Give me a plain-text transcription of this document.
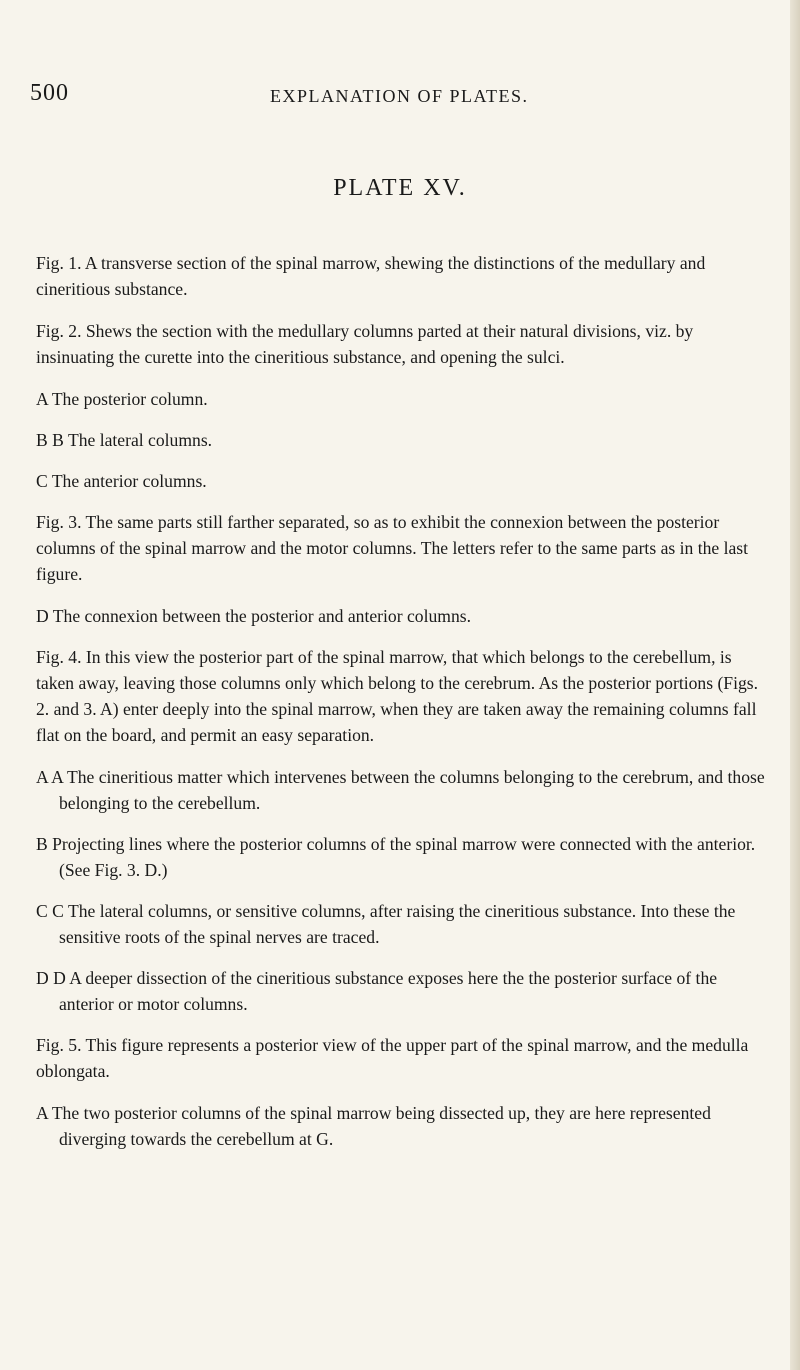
500	EXPLANATION OF PLATES.
PLATE XV.

Fig. 1. A transverse section of the spinal marrow, shewing the distinctions of the medullary and cineritious substance.

Fig. 2. Shews the section with the medullary columns parted at their natural divisions, viz. by insinuating the curette into the cineritious substance, and opening the sulci.

A The posterior column.

B B The lateral columns.

C The anterior columns.

Fig. 3. The same parts still farther separated, so as to exhibit the connexion between the posterior columns of the spinal marrow and the motor columns. The letters refer to the same parts as in the last figure.

D The connexion between the posterior and anterior columns.

Fig. 4. In this view the posterior part of the spinal marrow, that which belongs to the cerebellum, is taken away, leaving those columns only which belong to the cerebrum. As the posterior portions (Figs. 2. and 3. A) enter deeply into the spinal marrow, when they are taken away the remaining columns fall flat on the board, and permit an easy separation.

A A The cineritious matter which intervenes between the columns belonging to the cerebrum, and those belonging to the cerebellum.

B Projecting lines where the posterior columns of the spinal marrow were connected with the anterior. (See Fig. 3. D.)

C C The lateral columns, or sensitive columns, after raising the cineritious substance. Into these the sensitive roots of the spinal nerves are traced.

D D A deeper dissection of the cineritious substance exposes here the the posterior surface of the anterior or motor columns.

Fig. 5. This figure represents a posterior view of the upper part of the spinal marrow, and the medulla oblongata.

A The two posterior columns of the spinal marrow being dissected up, they are here represented diverging towards the cerebellum at G.
